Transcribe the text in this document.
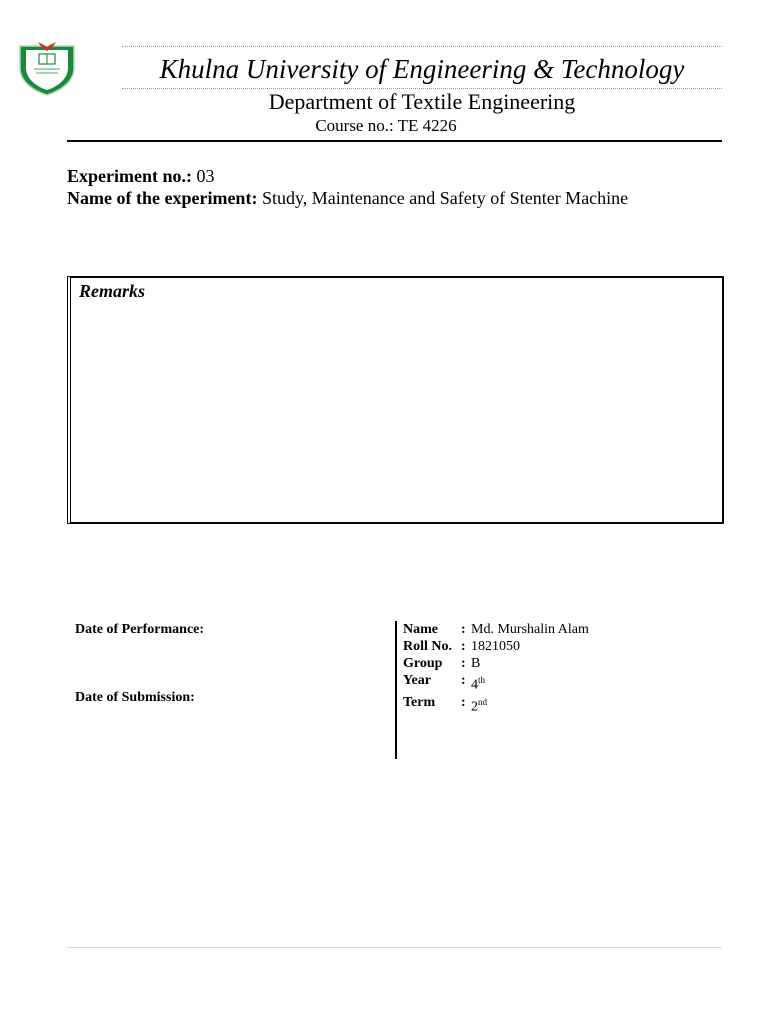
Khulna University of Engineering & Technology
Department of Textile Engineering
Course no.: TE 4226
Experiment no.: 03
Name of the experiment: Study, Maintenance and Safety of Stenter Machine
Remarks
Date of Performance:
Date of Submission:
Name	: Md. Murshalin Alam
Roll No. : 1821050
Group	: B
Year	: 4th
Term	: 2nd
